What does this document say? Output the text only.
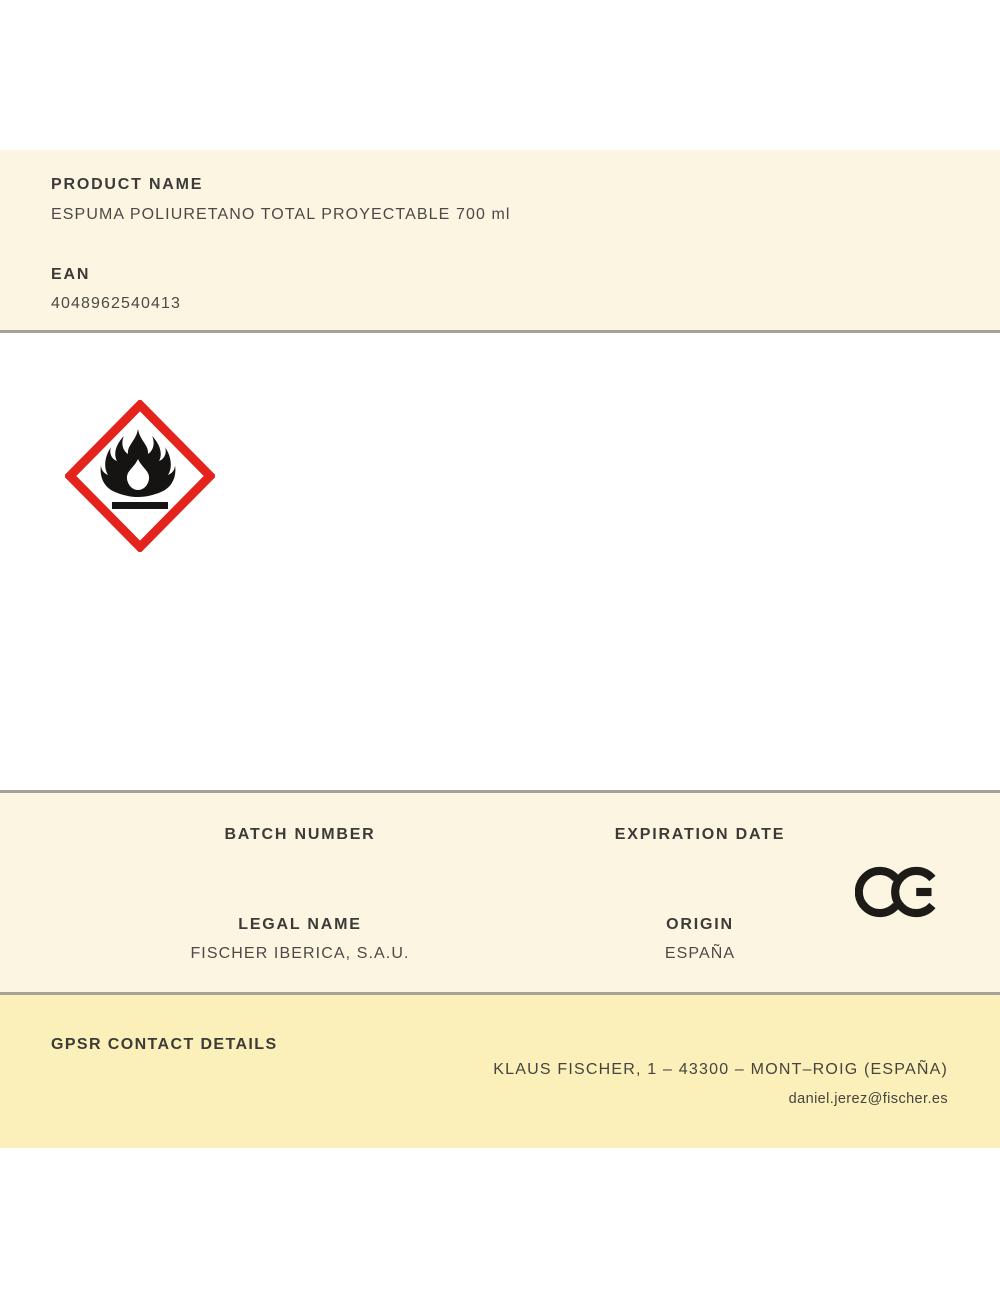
PRODUCT NAME
ESPUMA POLIURETANO TOTAL PROYECTABLE 700 ml
EAN
4048962540413
BATCH NUMBER	EXPIRATION DATE
LEGAL NAME	ORIGIN
FISCHER IBERICA, S.A.U.	ESPAÑA
GPSR CONTACT DETAILS
KLAUS FISCHER, 1 – 43300 – MONT–ROIG (ESPAÑA)
daniel.jerez@fischer.es
